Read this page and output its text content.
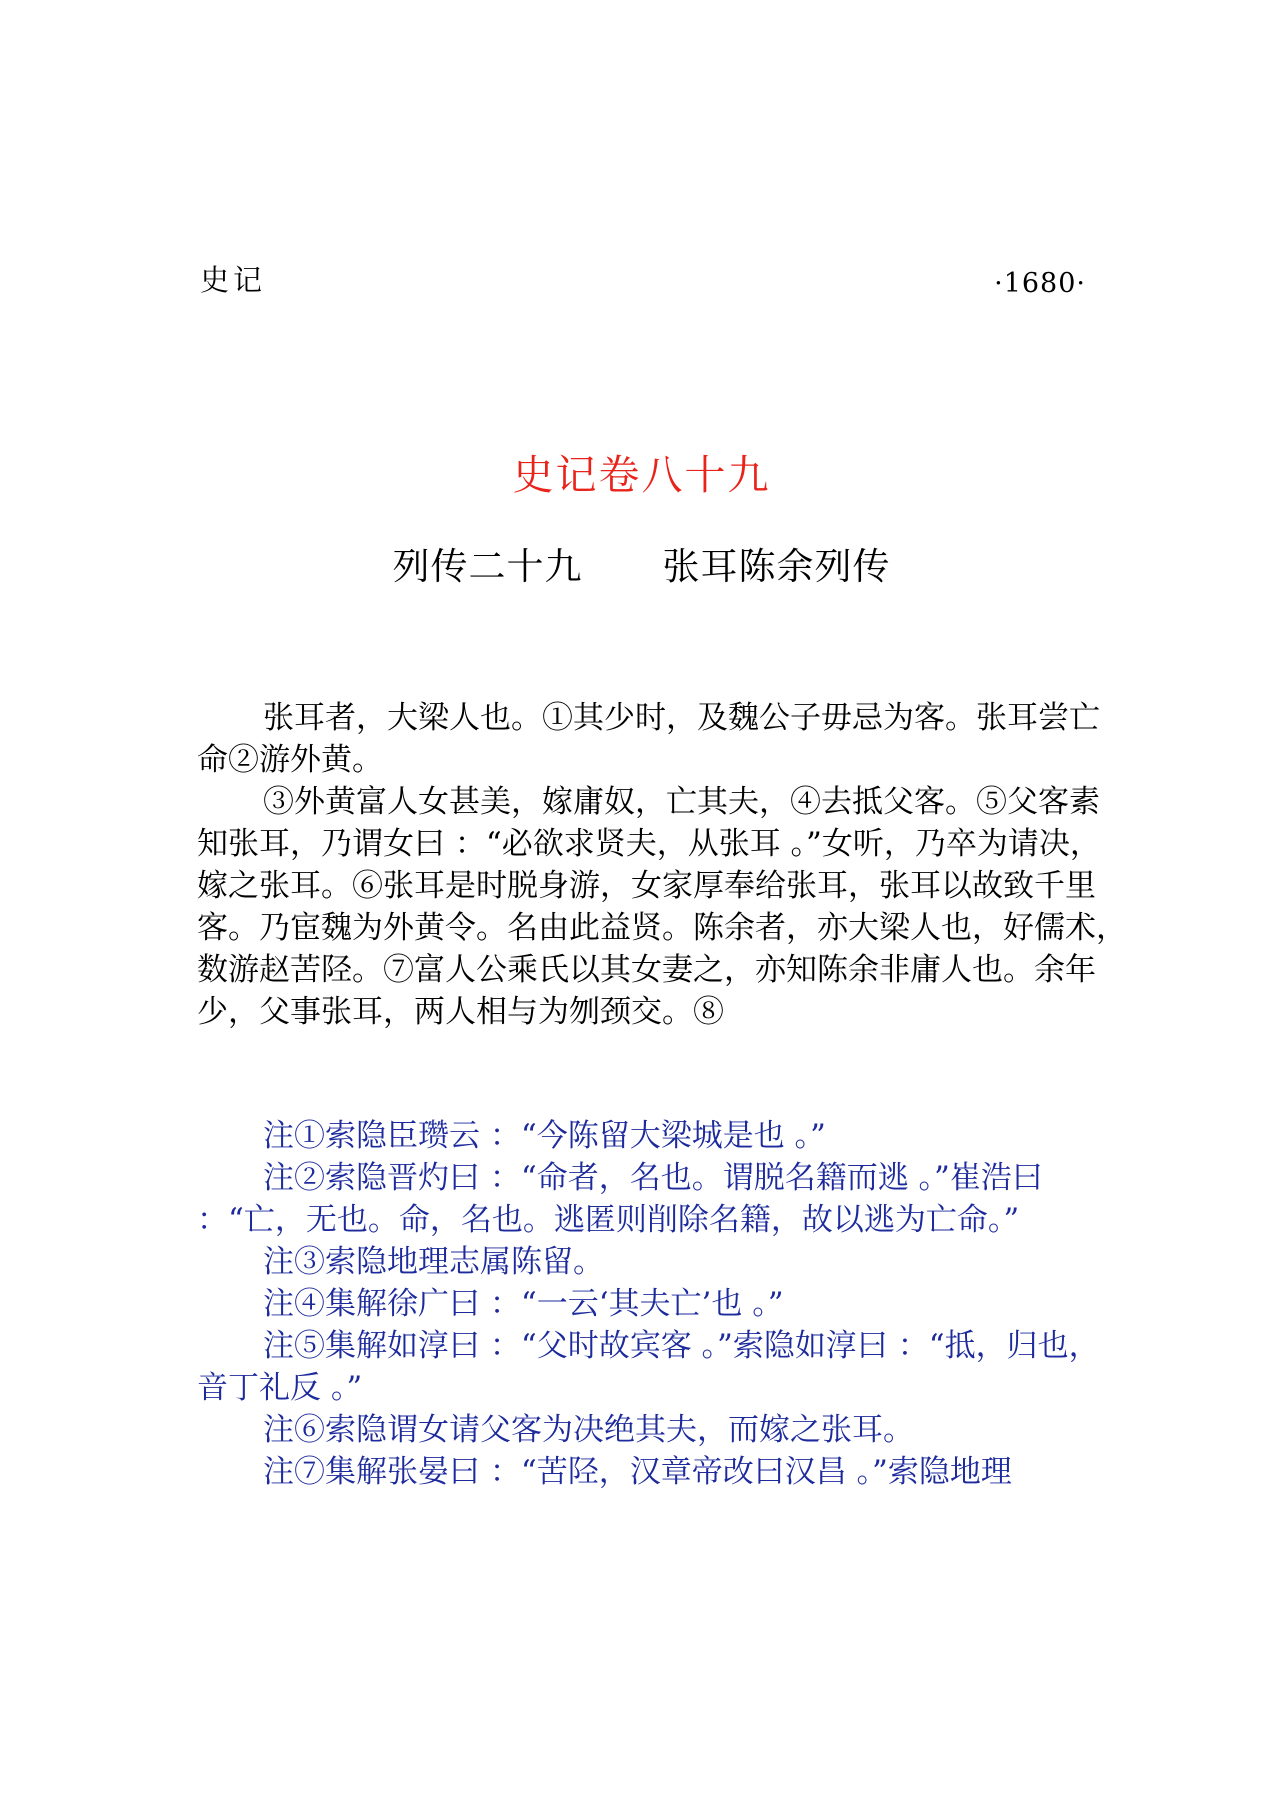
史记	·1680·
史记卷八十九
列传二十九 张耳陈余列传

张耳者，大梁人也。①其少时，及魏公子毋忌为客。张耳尝亡命②游外黄。

③外黄富人女甚美，嫁庸奴，亡其夫，④去抵父客。⑤父客素知张耳，乃谓女曰 ：“必欲求贤夫，从张耳 。”女听，乃卒为请决，嫁之张耳。⑥张耳是时脱身游，女家厚奉给张耳，张耳以故致千里客。乃宦魏为外黄令。名由此益贤。陈余者，亦大梁人也，好儒术，数游赵苦陉。⑦富人公乘氏以其女妻之，亦知陈余非庸人也。余年少，父事张耳，两人相与为刎颈交。⑧

注①索隐臣瓒云 ：“今陈留大梁城是也 。”

注②索隐晋灼曰 ：“命者，名也。谓脱名籍而逃 。”崔浩曰 ：“亡，无也。命，名也。逃匿则削除名籍，故以逃为亡命。”

注③索隐地理志属陈留。

注④集解徐广曰 ：“一云‘其夫亡’也 。”

注⑤集解如淳曰 ：“父时故宾客 。”索隐如淳曰 ：“抵，归也，音丁礼反 。”

注⑥索隐谓女请父客为决绝其夫，而嫁之张耳。

注⑦集解张晏曰 ：“苦陉，汉章帝改曰汉昌 。”索隐地理
